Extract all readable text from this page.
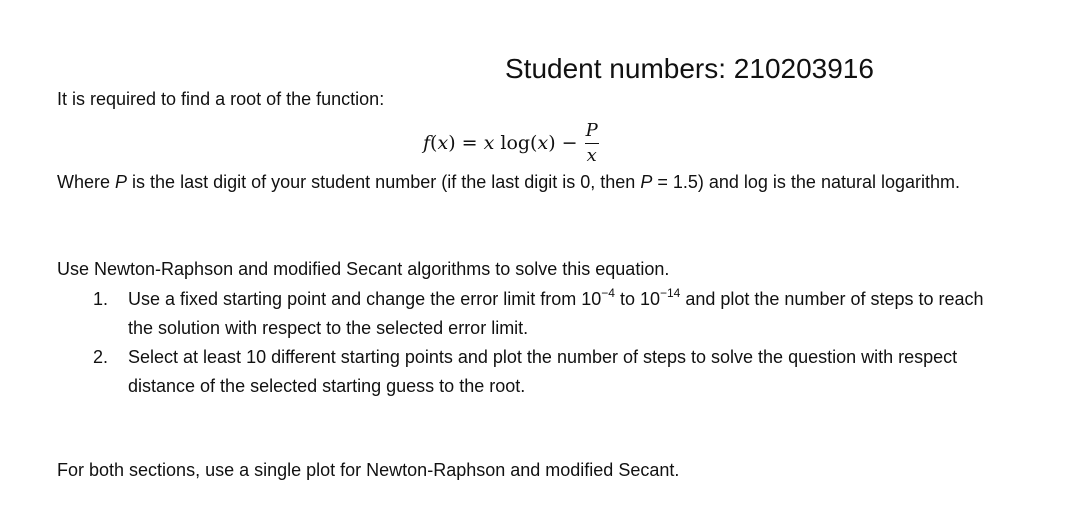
Student numbers: 210203916
It is required to find a root of the function:
f(x) = x $\log(x) - \frac{P}{x}$
Where P is the last digit of your student number (if the last digit is 0, then P = 1.5) and log is the natural logarithm.
Use Newton-Raphson and modified Secant algorithms to solve this equation.
1.	Use a fixed starting point and change the error limit from $10^{-4}$ to $10^{-14}$ and plot the number of steps to reach the solution with respect to the selected error limit.
2.	Select at least 10 different starting points and plot the number of steps to solve the question with respect distance of the selected starting guess to the root.
For both sections, use a single plot for Newton-Raphson and modified Secant.
